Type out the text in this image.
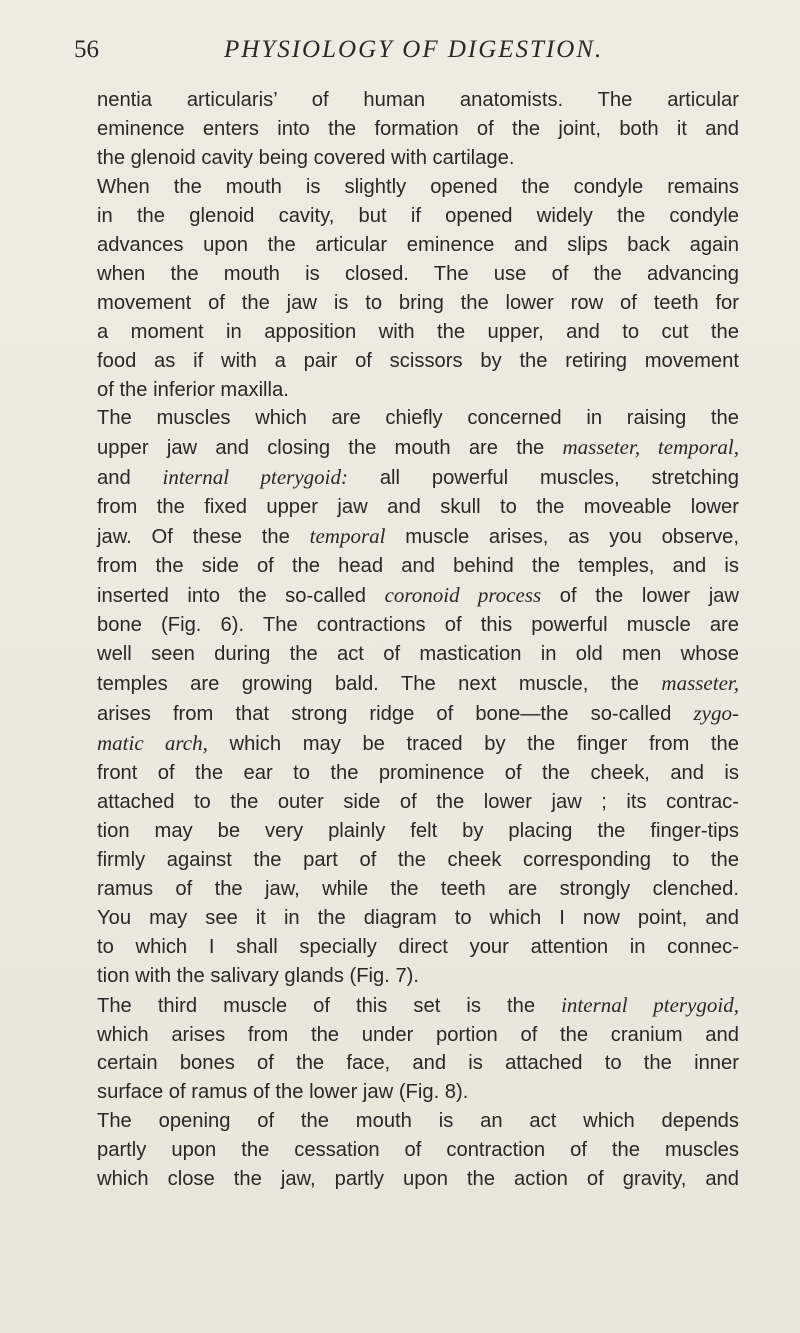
56	PHYSIOLOGY OF DIGESTION.
nentia articularis’ of human anatomists. The articular
eminence enters into the formation of the joint, both it and
the glenoid cavity being covered with cartilage.
When the mouth is slightly opened the condyle remains
in the glenoid cavity, but if opened widely the condyle
advances upon the articular eminence and slips back again
when the mouth is closed. The use of the advancing
movement of the jaw is to bring the lower row of teeth for
a moment in apposition with the upper, and to cut the
food as if with a pair of scissors by the retiring movement
of the inferior maxilla.
The muscles which are chiefly concerned in raising the
upper jaw and closing the mouth are the masseter, temporal,
and internal pterygoid: all powerful muscles, stretching
from the fixed upper jaw and skull to the moveable lower
jaw. Of these the temporal muscle arises, as you observe,
from the side of the head and behind the temples, and is
inserted into the so-called coronoid process of the lower jaw
bone (Fig. 6). The contractions of this powerful muscle are
well seen during the act of mastication in old men whose
temples are growing bald. The next muscle, the masseter,
arises from that strong ridge of bone—the so-called zygo-
matic arch, which may be traced by the finger from the
front of the ear to the prominence of the cheek, and is
attached to the outer side of the lower jaw ; its contrac-
tion may be very plainly felt by placing the finger-tips
firmly against the part of the cheek corresponding to the
ramus of the jaw, while the teeth are strongly clenched.
You may see it in the diagram to which I now point, and
to which I shall specially direct your attention in connec-
tion with the salivary glands (Fig. 7).
The third muscle of this set is the internal pterygoid,
which arises from the under portion of the cranium and
certain bones of the face, and is attached to the inner
surface of ramus of the lower jaw (Fig. 8).
The opening of the mouth is an act which depends
partly upon the cessation of contraction of the muscles
which close the jaw, partly upon the action of gravity, and
